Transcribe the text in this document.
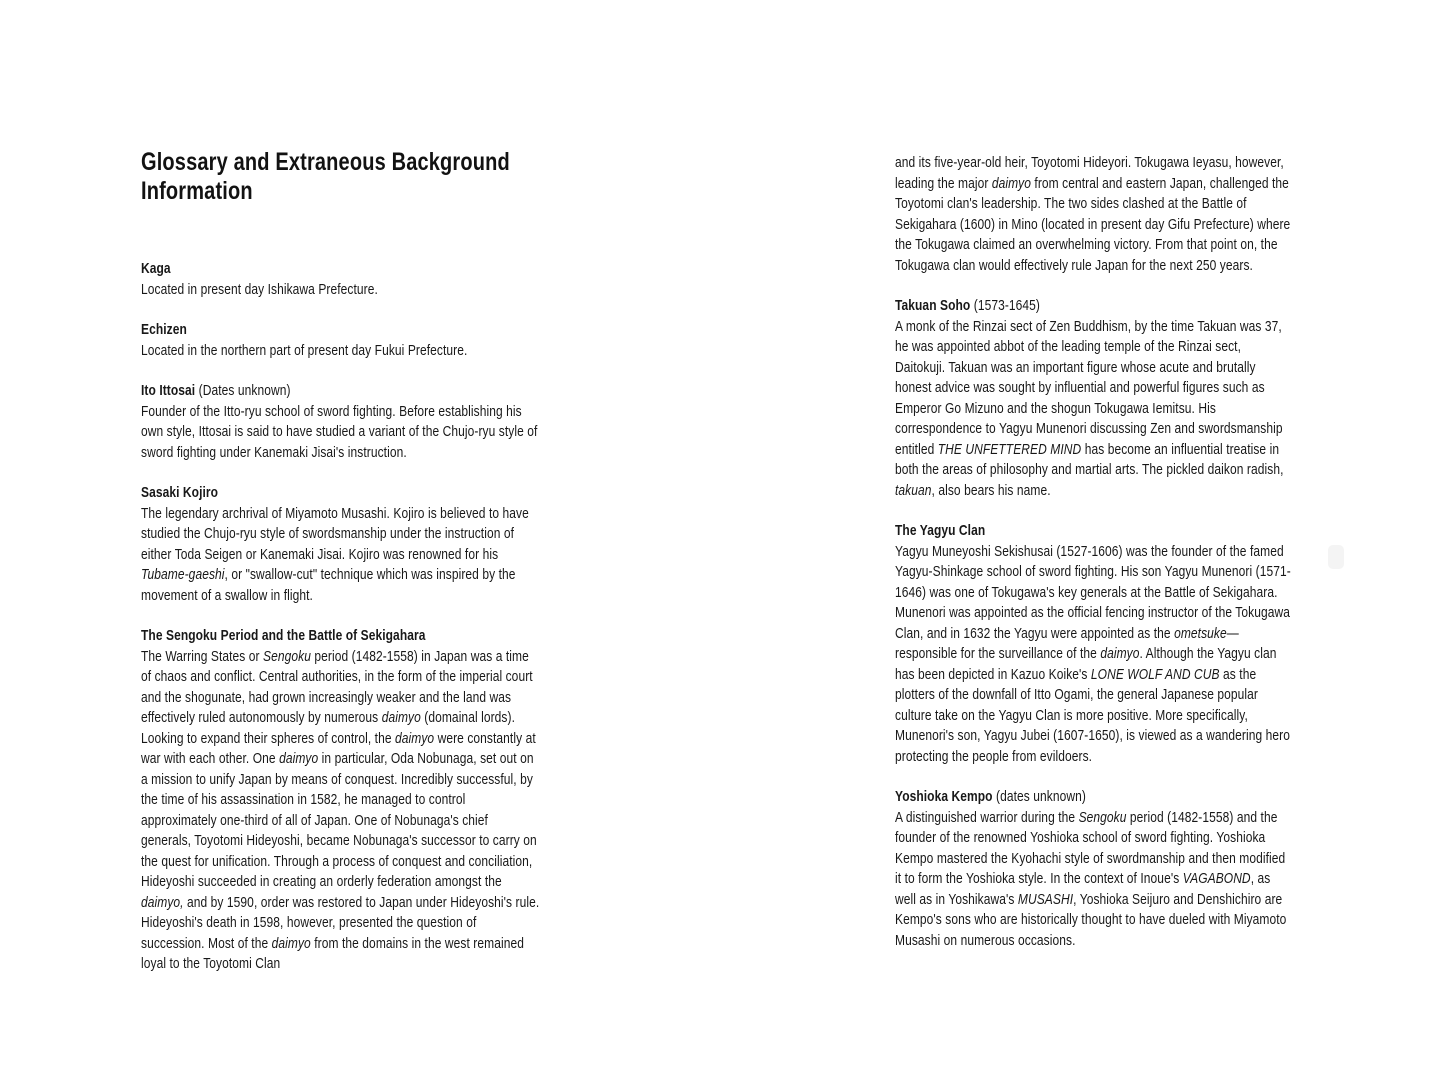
Glossary and Extraneous Background Information
Kaga

Located in present day Ishikawa Prefecture.

Echizen

Located in the northern part of present day Fukui Prefecture.

Ito Ittosai (Dates unknown)

Founder of the Itto-ryu school of sword fighting. Before establishing his own style, Ittosai is said to have studied a variant of the Chujo-ryu style of sword fighting under Kanemaki Jisai's instruction.

Sasaki Kojiro

The legendary archrival of Miyamoto Musashi. Kojiro is believed to have studied the Chujo-ryu style of swordsmanship under the instruction of either Toda Seigen or Kanemaki Jisai. Kojiro was renowned for his Tubame-gaeshi, or "swallow-cut" technique which was inspired by the movement of a swallow in flight.

The Sengoku Period and the Battle of Sekigahara

The Warring States or Sengoku period (1482-1558) in Japan was a time of chaos and conflict. Central authorities, in the form of the imperial court and the shogunate, had grown increasingly weaker and the land was effectively ruled autonomously by numerous daimyo (domainal lords). Looking to expand their spheres of control, the daimyo were constantly at war with each other. One daimyo in particular, Oda Nobunaga, set out on a mission to unify Japan by means of conquest. Incredibly successful, by the time of his assassination in 1582, he managed to control approximately one-third of all of Japan. One of Nobunaga's chief generals, Toyotomi Hideyoshi, became Nobunaga's successor to carry on the quest for unification. Through a process of conquest and conciliation, Hideyoshi succeeded in creating an orderly federation amongst the daimyo, and by 1590, order was restored to Japan under Hideyoshi's rule. Hideyoshi's death in 1598, however, presented the question of succession. Most of the daimyo from the domains in the west remained loyal to the Toyotomi Clan

and its five-year-old heir, Toyotomi Hideyori. Tokugawa Ieyasu, however, leading the major daimyo from central and eastern Japan, challenged the Toyotomi clan's leadership. The two sides clashed at the Battle of Sekigahara (1600) in Mino (located in present day Gifu Prefecture) where the Tokugawa claimed an overwhelming victory. From that point on, the Tokugawa clan would effectively rule Japan for the next 250 years.

Takuan Soho (1573-1645)

A monk of the Rinzai sect of Zen Buddhism, by the time Takuan was 37, he was appointed abbot of the leading temple of the Rinzai sect, Daitokuji. Takuan was an important figure whose acute and brutally honest advice was sought by influential and powerful figures such as Emperor Go Mizuno and the shogun Tokugawa Iemitsu. His correspondence to Yagyu Munenori discussing Zen and swordsmanship entitled THE UNFETTERED MIND has become an influential treatise in both the areas of philosophy and martial arts. The pickled daikon radish, takuan, also bears his name.

The Yagyu Clan

Yagyu Muneyoshi Sekishusai (1527-1606) was the founder of the famed Yagyu-Shinkage school of sword fighting. His son Yagyu Munenori (1571-1646) was one of Tokugawa's key generals at the Battle of Sekigahara. Munenori was appointed as the official fencing instructor of the Tokugawa Clan, and in 1632 the Yagyu were appointed as the ometsuke—responsible for the surveillance of the daimyo. Although the Yagyu clan has been depicted in Kazuo Koike's LONE WOLF AND CUB as the plotters of the downfall of Itto Ogami, the general Japanese popular culture take on the Yagyu Clan is more positive. More specifically, Munenori's son, Yagyu Jubei (1607-1650), is viewed as a wandering hero protecting the people from evildoers.

Yoshioka Kempo (dates unknown)

A distinguished warrior during the Sengoku period (1482-1558) and the founder of the renowned Yoshioka school of sword fighting. Yoshioka Kempo mastered the Kyohachi style of swordmanship and then modified it to form the Yoshioka style. In the context of Inoue's VAGABOND, as well as in Yoshikawa's MUSASHI, Yoshioka Seijuro and Denshichiro are Kempo's sons who are historically thought to have dueled with Miyamoto Musashi on numerous occasions.
